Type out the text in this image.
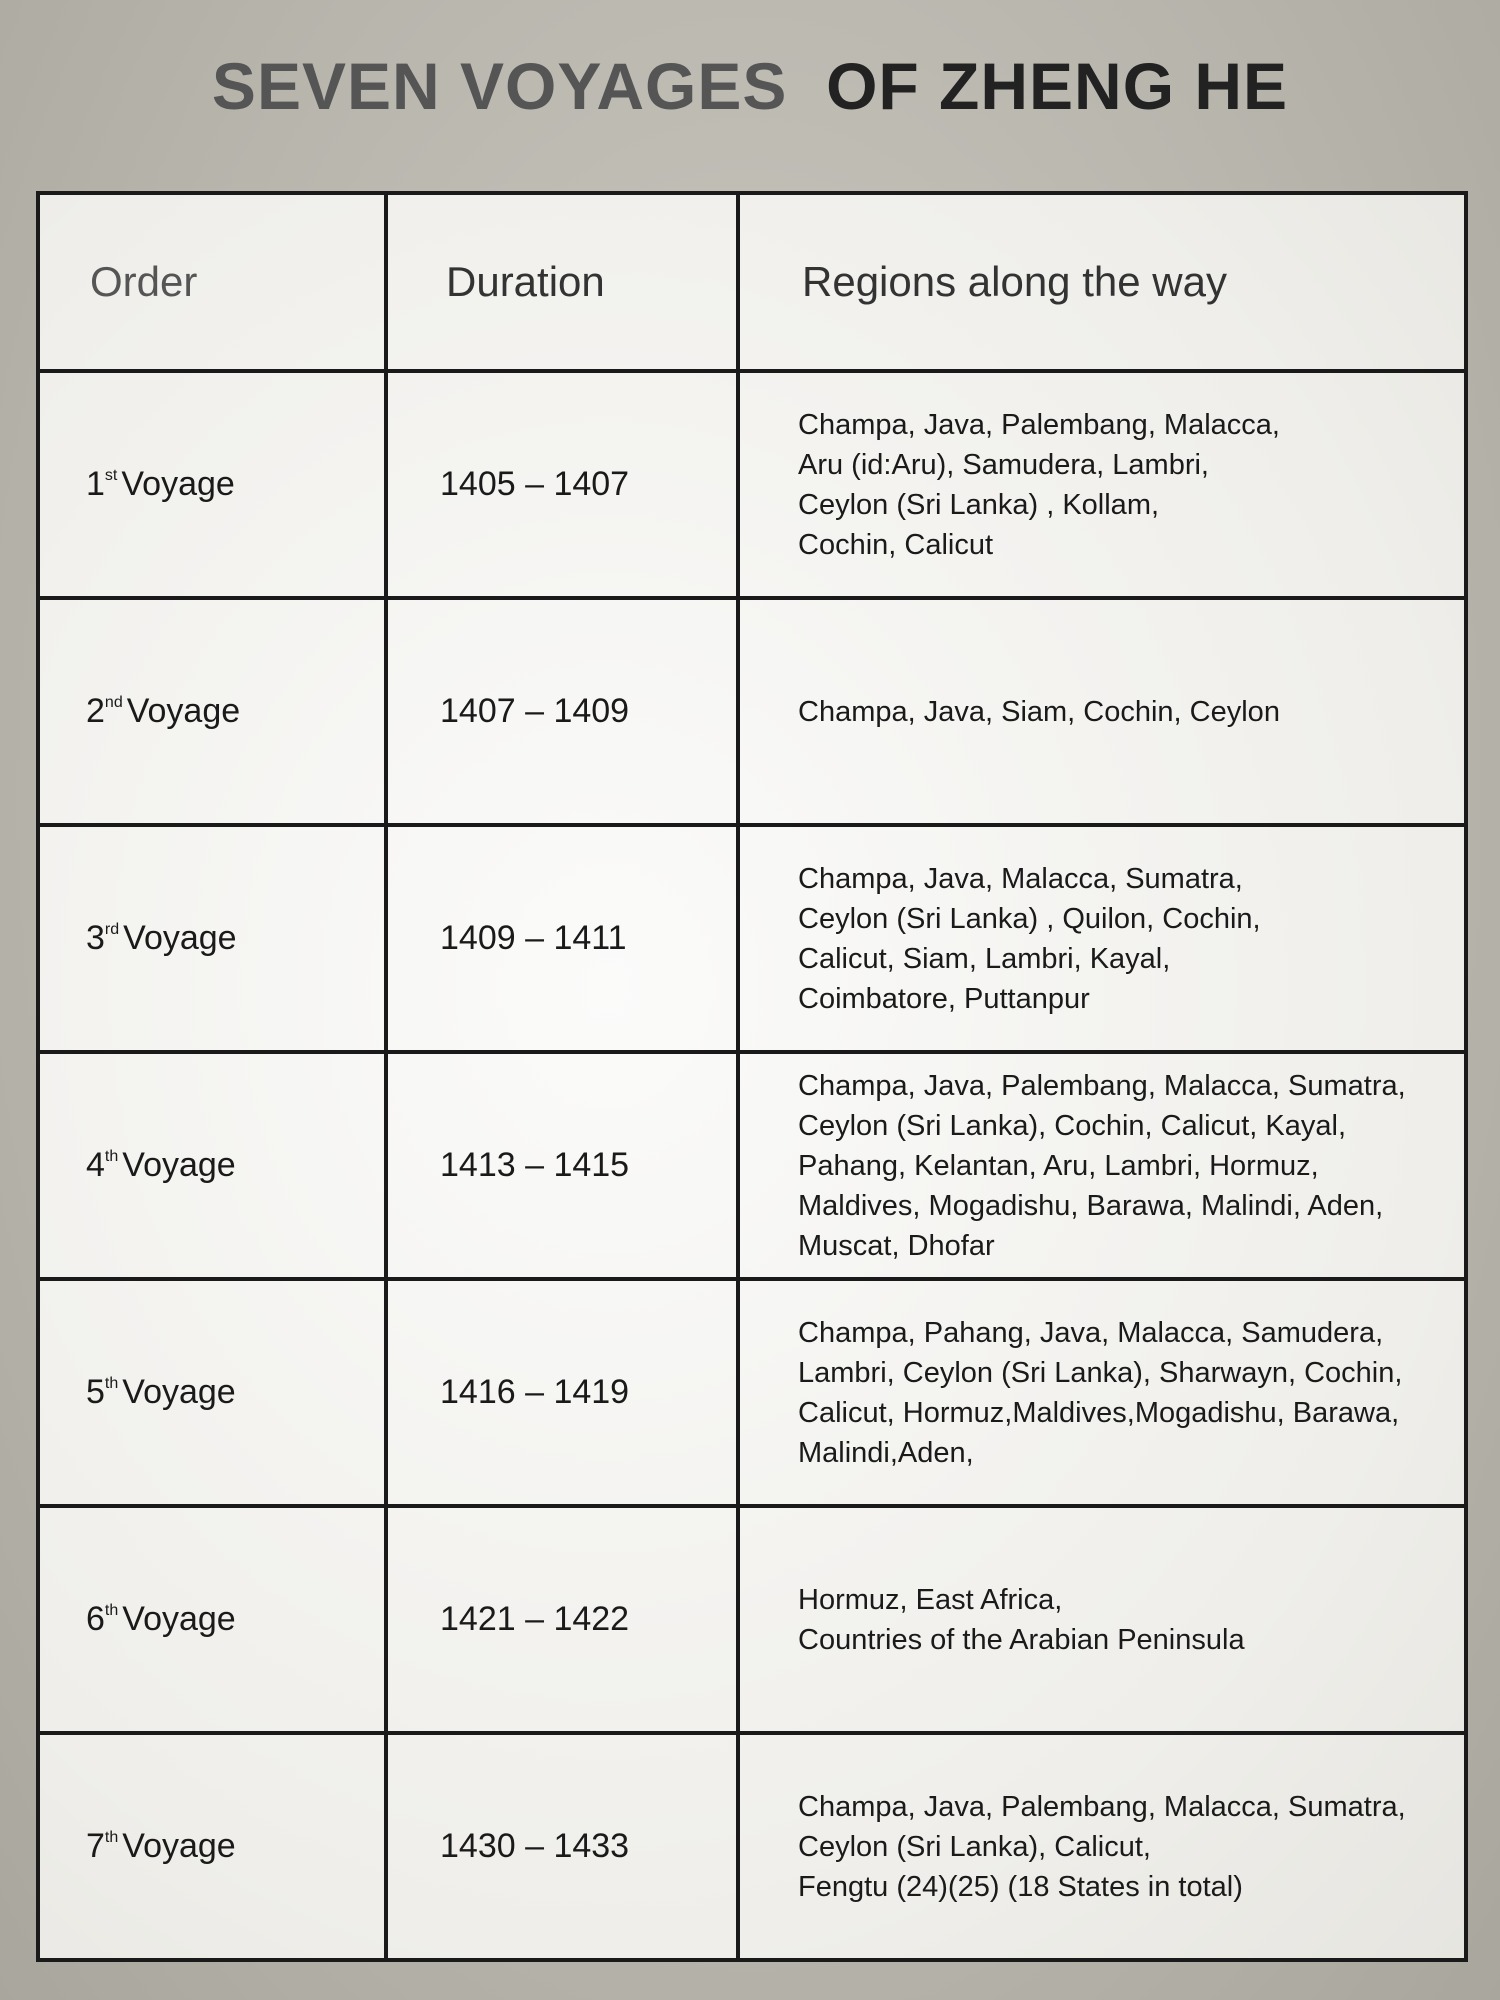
SEVEN VOYAGES OF ZHENG HE
Order	Duration	Regions along the way
1st Voyage	1405 – 1407	Champa, Java, Palembang, Malacca,
Aru (id:Aru), Samudera, Lambri,
Ceylon (Sri Lanka) , Kollam,
Cochin, Calicut

2nd Voyage	1407 – 1409	Champa, Java, Siam, Cochin, Ceylon

3rd Voyage	1409 – 1411	Champa, Java, Malacca, Sumatra,
Ceylon (Sri Lanka) , Quilon, Cochin,
Calicut, Siam, Lambri, Kayal,
Coimbatore, Puttanpur

4th Voyage	1413 – 1415	Champa, Java, Palembang, Malacca, Sumatra,
Ceylon (Sri Lanka), Cochin, Calicut, Kayal,
Pahang, Kelantan, Aru, Lambri, Hormuz,
Maldives, Mogadishu, Barawa, Malindi, Aden,
Muscat, Dhofar

5th Voyage	1416 – 1419	Champa, Pahang, Java, Malacca, Samudera,
Lambri, Ceylon (Sri Lanka), Sharwayn, Cochin,
Calicut, Hormuz,Maldives,Mogadishu, Barawa,
Malindi,Aden,

6th Voyage	1421 – 1422	Hormuz, East Africa,
Countries of the Arabian Peninsula

7th Voyage	1430 – 1433	Champa, Java, Palembang, Malacca, Sumatra,
Ceylon (Sri Lanka), Calicut,
Fengtu (24)(25) (18 States in total)
